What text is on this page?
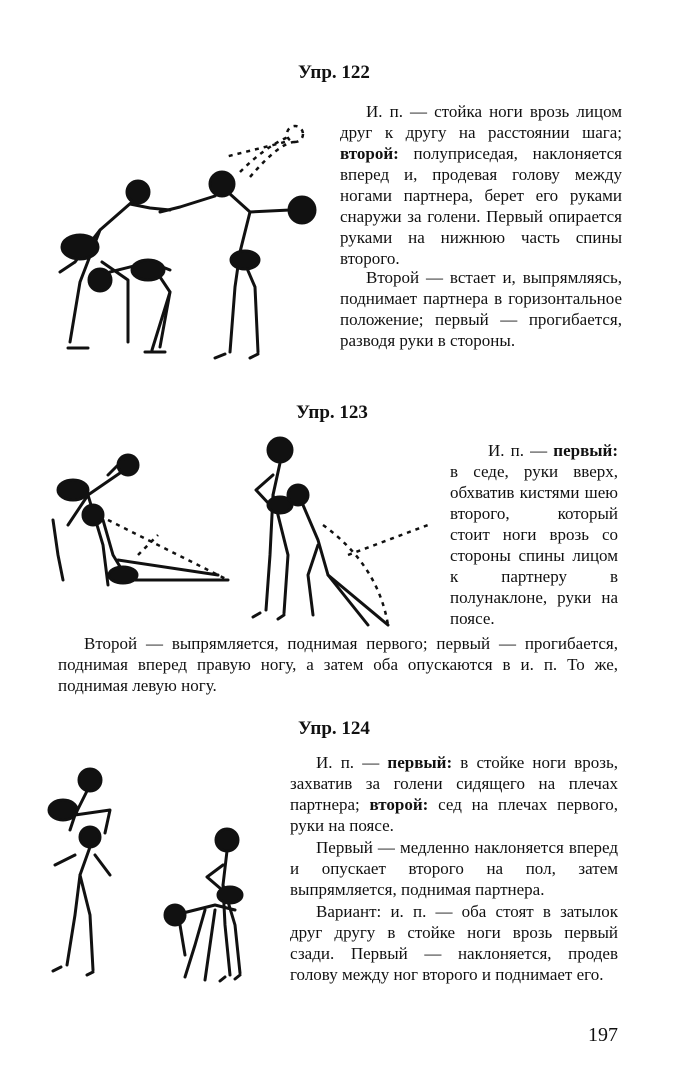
Упр. 122

И. п. — стойка ноги врозь лицом друг к другу на расстоянии шага; второй: полуприседая, наклоняется вперед и, продевая голову между ногами партнера, берет его руками снаружи за голени. Первый опирается руками на нижнюю часть спины второго.

Второй — встает и, выпрямляясь, поднимает партнера в горизонтальное положение; первый — прогибается, разводя руки в стороны.

Упр. 123

И. п. — первый: в седе, руки вверх, обхватив кистями шею второго, который стоит ноги врозь со стороны спины лицом к партнеру в полунаклоне, руки на поясе.

Второй — выпрямляется, поднимая первого; первый — прогибается, поднимая вперед правую ногу, а затем оба опускаются в и. п. То же, поднимая левую ногу.

Упр. 124

И. п. — первый: в стойке ноги врозь, захватив за голени сидящего на плечах партнера; второй: сед на плечах первого, руки на поясе.

Первый — медленно наклоняется вперед и опускает второго на пол, затем выпрямляется, поднимая партнера.

Вариант: и. п. — оба стоят в затылок друг другу в стойке ноги врозь первый сзади. Первый — наклоняется, продев голову между ног второго и поднимает его.

197
